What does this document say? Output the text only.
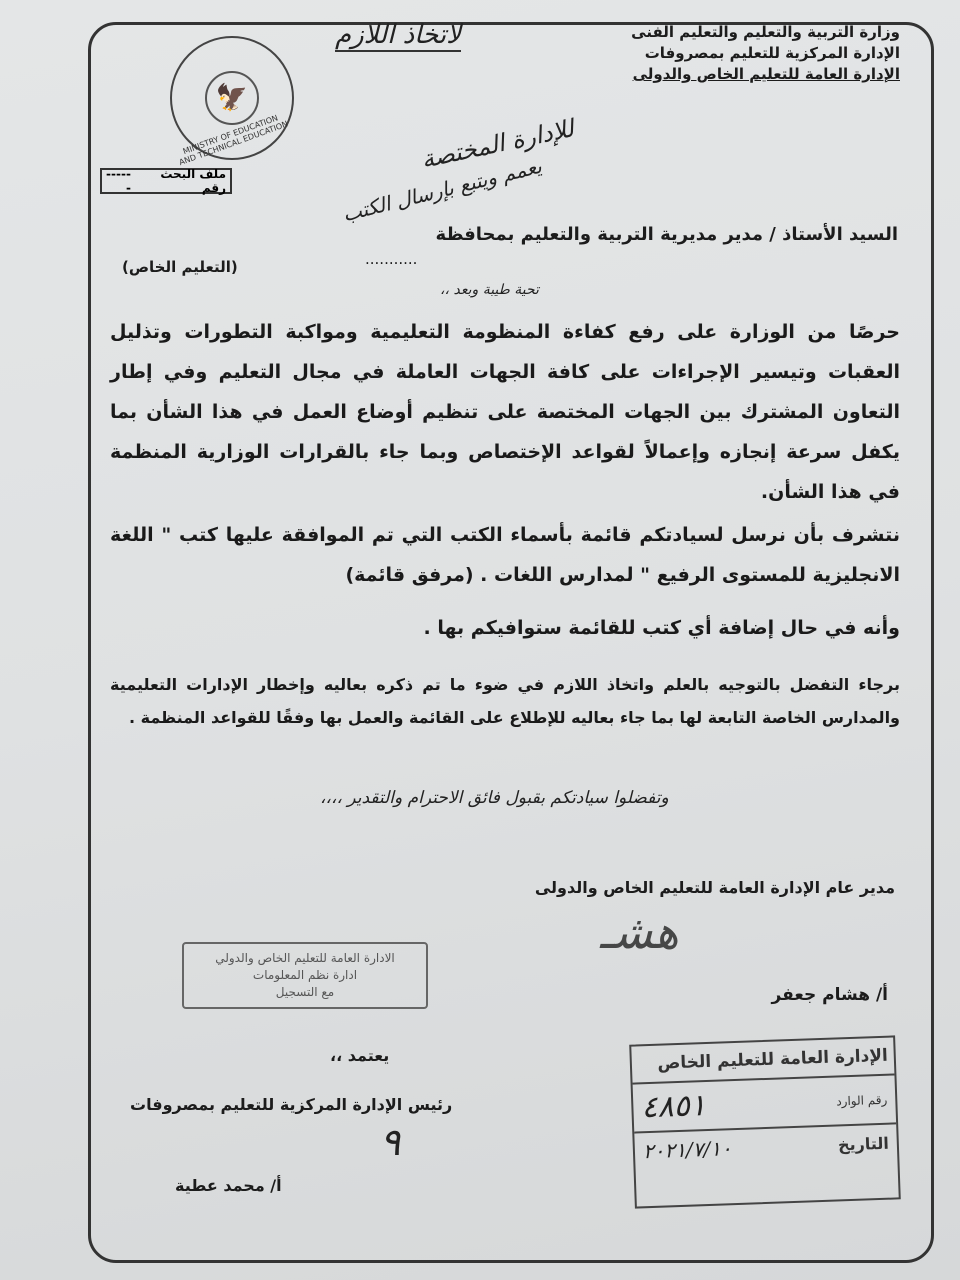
وزارة التربية والتعليم والتعليم الفنى
الإدارة المركزية للتعليم بمصروفات
الإدارة العامة للتعليم الخاص والدولى
🦅
MINISTRY OF EDUCATION AND TECHNICAL EDUCATION
لاتخاذ اللازم
للإدارة المختصة
يعمم ويتبع بإرسال الكتب
ملف البحث رقم
------
السيد الأستاذ / مدير مديرية التربية والتعليم بمحافظة
...........
(التعليم الخاص)
تحية طيبة وبعد ،،
حرصًا من الوزارة على رفع كفاءة المنظومة التعليمية ومواكبة التطورات وتذليل العقبات وتيسير الإجراءات على كافة الجهات العاملة في مجال التعليم وفي إطار التعاون المشترك بين الجهات المختصة على تنظيم أوضاع العمل في هذا الشأن بما يكفل سرعة إنجازه وإعمالاً لقواعد الإختصاص وبما جاء بالقرارات الوزارية المنظمة في هذا الشأن.
نتشرف بأن نرسل لسيادتكم قائمة بأسماء الكتب التي تم الموافقة عليها كتب " اللغة الانجليزية للمستوى الرفيع " لمدارس اللغات . (مرفق قائمة)
وأنه في حال إضافة أي كتب للقائمة ستوافيكم بها .
برجاء التفضل بالتوجيه بالعلم واتخاذ اللازم في ضوء ما تم ذكره بعاليه وإخطار الإدارات التعليمية والمدارس الخاصة التابعة لها بما جاء بعاليه للإطلاع على القائمة والعمل بها وفقًا للقواعد المنظمة .
وتفضلوا سيادتكم بقبول فائق الاحترام والتقدير ،،،،
مدير عام الإدارة العامة للتعليم الخاص والدولى
هشـ
أ/ هشام جعفر
الادارة العامة للتعليم الخاص والدولي
ادارة نظم المعلومات
مع التسجيل
يعتمد ،،
رئيس الإدارة المركزية للتعليم بمصروفات
٩
أ/ محمد عطية
الإدارة العامة للتعليم الخاص
رقم الوارد
٤٨٥١
التاريخ
٢٠٢١/٧/١٠
